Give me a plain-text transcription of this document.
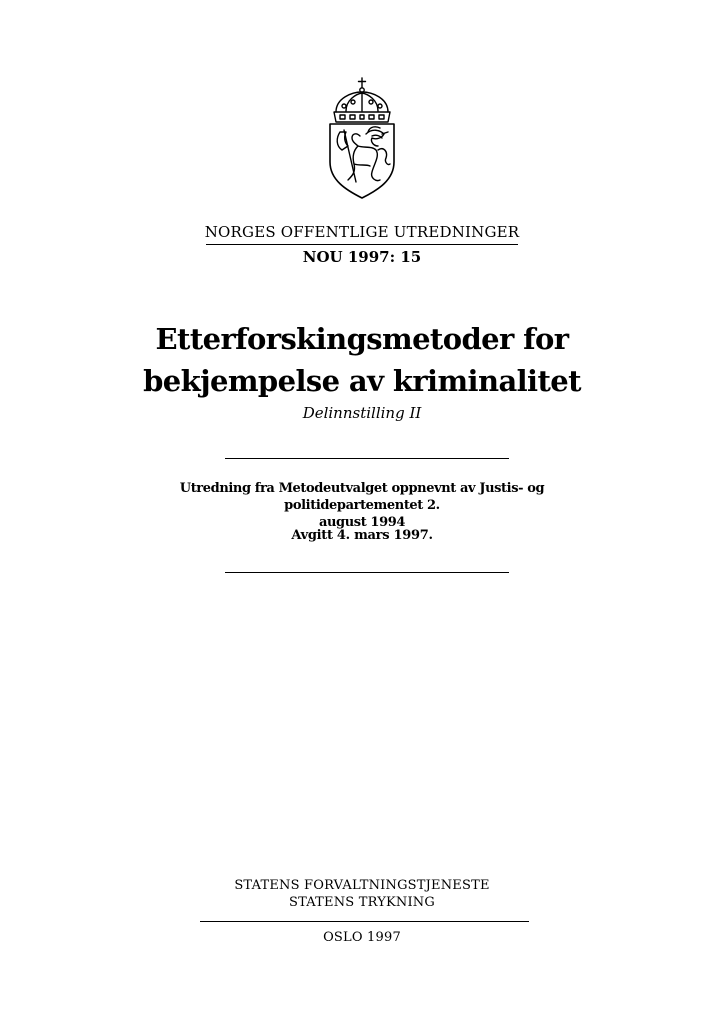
NORGES OFFENTLIGE UTREDNINGER
NOU 1997: 15
Etterforskingsmetoder for
bekjempelse av kriminalitet
Delinnstilling II
Utredning fra Metodeutvalget oppnevnt av Justis- og politidepartementet 2.
august 1994
Avgitt 4. mars 1997.
STATENS FORVALTNINGSTJENESTE
STATENS TRYKNING
OSLO 1997
